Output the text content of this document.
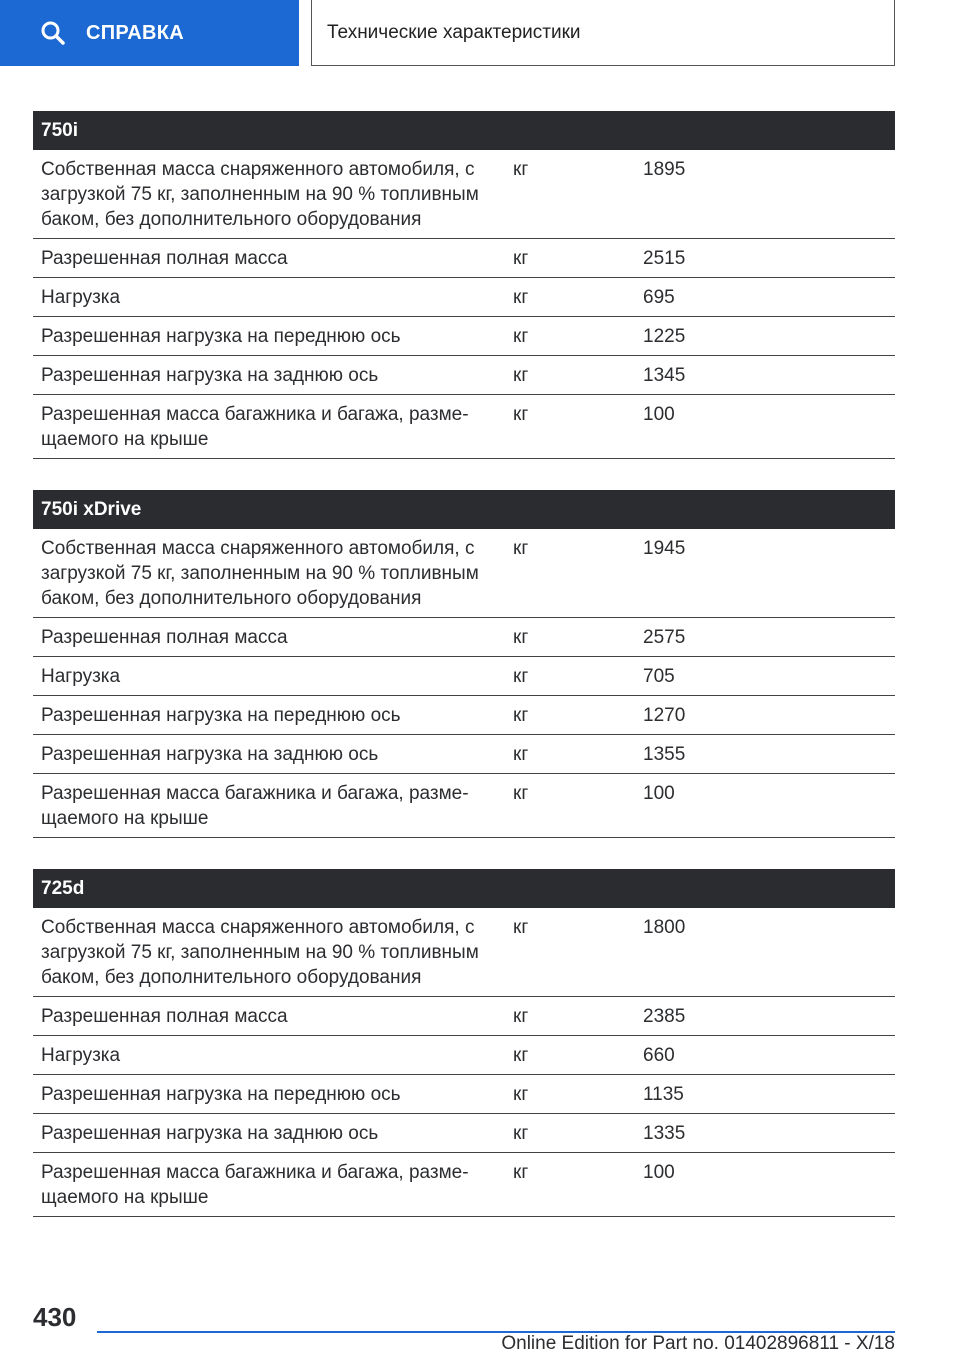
СПРАВКА	Технические характеристики
750i		
Собственная масса снаряженного автомобиля, с загрузкой 75 кг, заполненным на 90 % топливным баком, без дополнительного оборудования	кг	1895
Разрешенная полная масса	кг	2515
Нагрузка	кг	695
Разрешенная нагрузка на переднюю ось	кг	1225
Разрешенная нагрузка на заднюю ось	кг	1345
Разрешенная масса багажника и багажа, размещаемого на крыше	кг	100
750i xDrive		
Собственная масса снаряженного автомобиля, с загрузкой 75 кг, заполненным на 90 % топливным баком, без дополнительного оборудования	кг	1945
Разрешенная полная масса	кг	2575
Нагрузка	кг	705
Разрешенная нагрузка на переднюю ось	кг	1270
Разрешенная нагрузка на заднюю ось	кг	1355
Разрешенная масса багажника и багажа, размещаемого на крыше	кг	100
725d		
Собственная масса снаряженного автомобиля, с загрузкой 75 кг, заполненным на 90 % топливным баком, без дополнительного оборудования	кг	1800
Разрешенная полная масса	кг	2385
Нагрузка	кг	660
Разрешенная нагрузка на переднюю ось	кг	1135
Разрешенная нагрузка на заднюю ось	кг	1335
Разрешенная масса багажника и багажа, размещаемого на крыше	кг	100
430
Online Edition for Part no. 01402896811 - X/18
